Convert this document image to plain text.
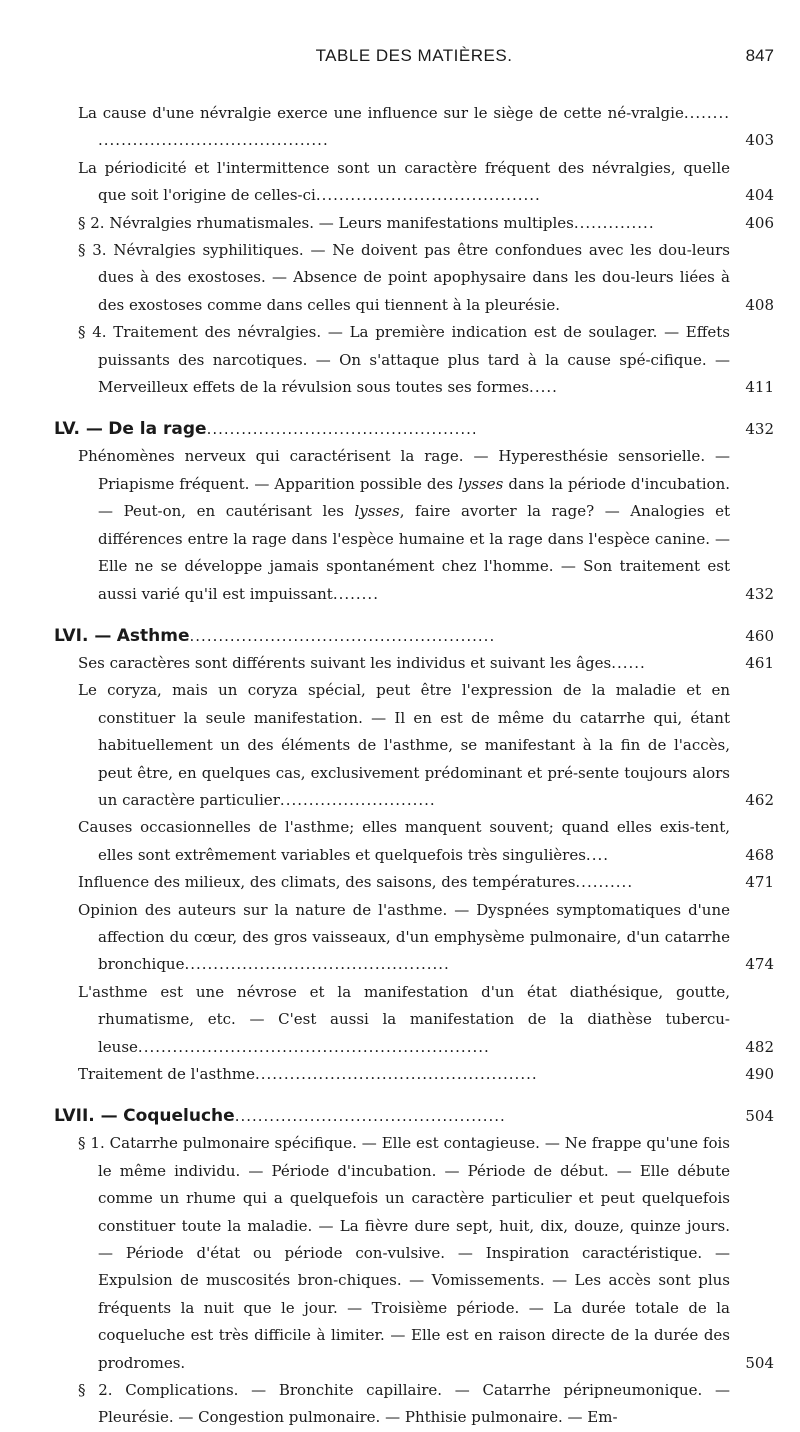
TABLE DES MATIÈRES.	847
La cause d'une névralgie exerce une influence sur le siège de cette né-vralgie........ ........................................	403
La périodicité et l'intermittence sont un caractère fréquent des névralgies, quelle que soit l'origine de celles-ci.......................................	404
§ 2. Névralgies rhumatismales. — Leurs manifestations multiples..............	406
§ 3. Névralgies syphilitiques. — Ne doivent pas être confondues avec les dou-leurs dues à des exostoses. — Absence de point apophysaire dans les dou-leurs liées à des exostoses comme dans celles qui tiennent à la pleurésie.	408
§ 4. Traitement des névralgies. — La première indication est de soulager. — Effets puissants des narcotiques. — On s'attaque plus tard à la cause spé-cifique. — Merveilleux effets de la révulsion sous toutes ses formes.....	411
LV. — De la rage...............................................	432
Phénomènes nerveux qui caractérisent la rage. — Hyperesthésie sensorielle. — Priapisme fréquent. — Apparition possible des lysses dans la période d'incubation. — Peut-on, en cautérisant les lysses, faire avorter la rage? — Analogies et différences entre la rage dans l'espèce humaine et la rage dans l'espèce canine. — Elle ne se développe jamais spontanément chez l'homme. — Son traitement est aussi varié qu'il est impuissant........	432
LVI. — Asthme.....................................................	460
Ses caractères sont différents suivant les individus et suivant les âges......	461
Le coryza, mais un coryza spécial, peut être l'expression de la maladie et en constituer la seule manifestation. — Il en est de même du catarrhe qui, étant habituellement un des éléments de l'asthme, se manifestant à la fin de l'accès, peut être, en quelques cas, exclusivement prédominant et pré-sente toujours alors un caractère particulier...........................	462
Causes occasionnelles de l'asthme; elles manquent souvent; quand elles exis-tent, elles sont extrêmement variables et quelquefois très singulières....	468
Influence des milieux, des climats, des saisons, des températures..........	471
Opinion des auteurs sur la nature de l'asthme. — Dyspnées symptomatiques d'une affection du cœur, des gros vaisseaux, d'un emphysème pulmonaire, d'un catarrhe bronchique..............................................	474
L'asthme est une névrose et la manifestation d'un état diathésique, goutte, rhumatisme, etc. — C'est aussi la manifestation de la diathèse tubercu-leuse.............................................................	482
Traitement de l'asthme.................................................	490
LVII. — Coqueluche...............................................	504
§ 1. Catarrhe pulmonaire spécifique. — Elle est contagieuse. — Ne frappe qu'une fois le même individu. — Période d'incubation. — Période de début. — Elle débute comme un rhume qui a quelquefois un caractère particulier et peut quelquefois constituer toute la maladie. — La fièvre dure sept, huit, dix, douze, quinze jours. — Période d'état ou période con-vulsive. — Inspiration caractéristique. — Expulsion de muscosités bron-chiques. — Vomissements. — Les accès sont plus fréquents la nuit que le jour. — Troisième période. — La durée totale de la coqueluche est très difficile à limiter. — Elle est en raison directe de la durée des prodromes.	504
§ 2. Complications. — Bronchite capillaire. — Catarrhe péripneumonique. — Pleurésie. — Congestion pulmonaire. — Phthisie pulmonaire. — Em-
